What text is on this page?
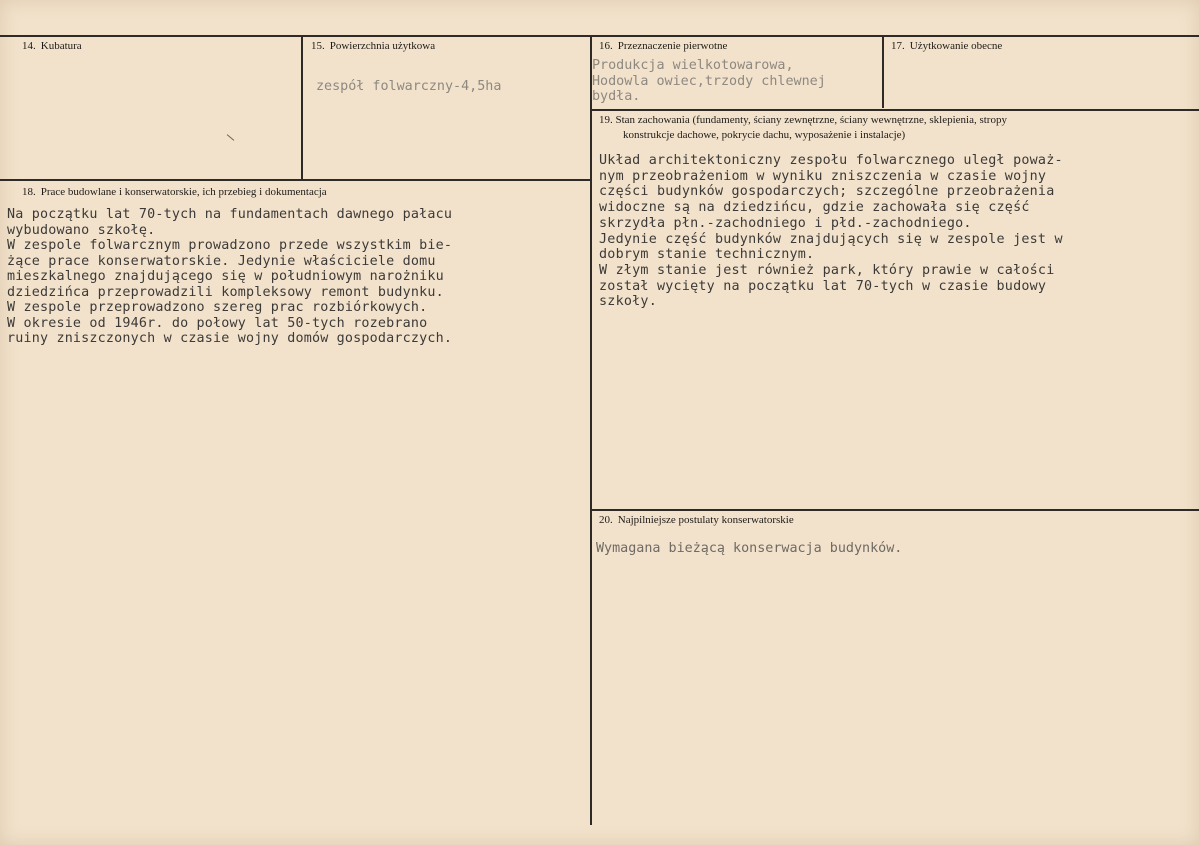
14. Kubatura	15. Powierzchnia użytkowa
zespół folwarczny-4,5ha
16. Przeznaczenie pierwotne
Produkcja wielkotowarowa,
Hodowla owiec,trzody chlewnej
bydła.
17. Użytkowanie obecne
18. Prace budowlane i konserwatorskie, ich przebieg i dokumentacja
Na początku lat 70-tych na fundamentach dawnego pałacu
wybudowano szkołę.
W zespole folwarcznym prowadzono przede wszystkim bie-
żące prace konserwatorskie. Jedynie właściciele domu
mieszkalnego znajdującego się w południowym narożniku
dziedzińca przeprowadzili kompleksowy remont budynku.
W zespole przeprowadzono szereg prac rozbiórkowych.
W okresie od 1946r. do połowy lat 50-tych rozebrano
ruiny zniszczonych w czasie wojny domów gospodarczych.
19. Stan zachowania (fundamenty, ściany zewnętrzne, ściany wewnętrzne, sklepienia, stropy
konstrukcje dachowe, pokrycie dachu, wyposażenie i instalacje)
Układ architektoniczny zespołu folwarcznego uległ poważ-
nym przeobrażeniom w wyniku zniszczenia w czasie wojny
części budynków gospodarczych; szczególne przeobrażenia
widoczne są na dziedzińcu, gdzie zachowała się część
skrzydła płn.-zachodniego i płd.-zachodniego.
Jedynie część budynków znajdujących się w zespole jest w
dobrym stanie technicznym.
W złym stanie jest również park, który prawie w całości
został wycięty na początku lat 70-tych w czasie budowy
szkoły.
20. Najpilniejsze postulaty konserwatorskie
Wymagana bieżącą konserwacja budynków.
